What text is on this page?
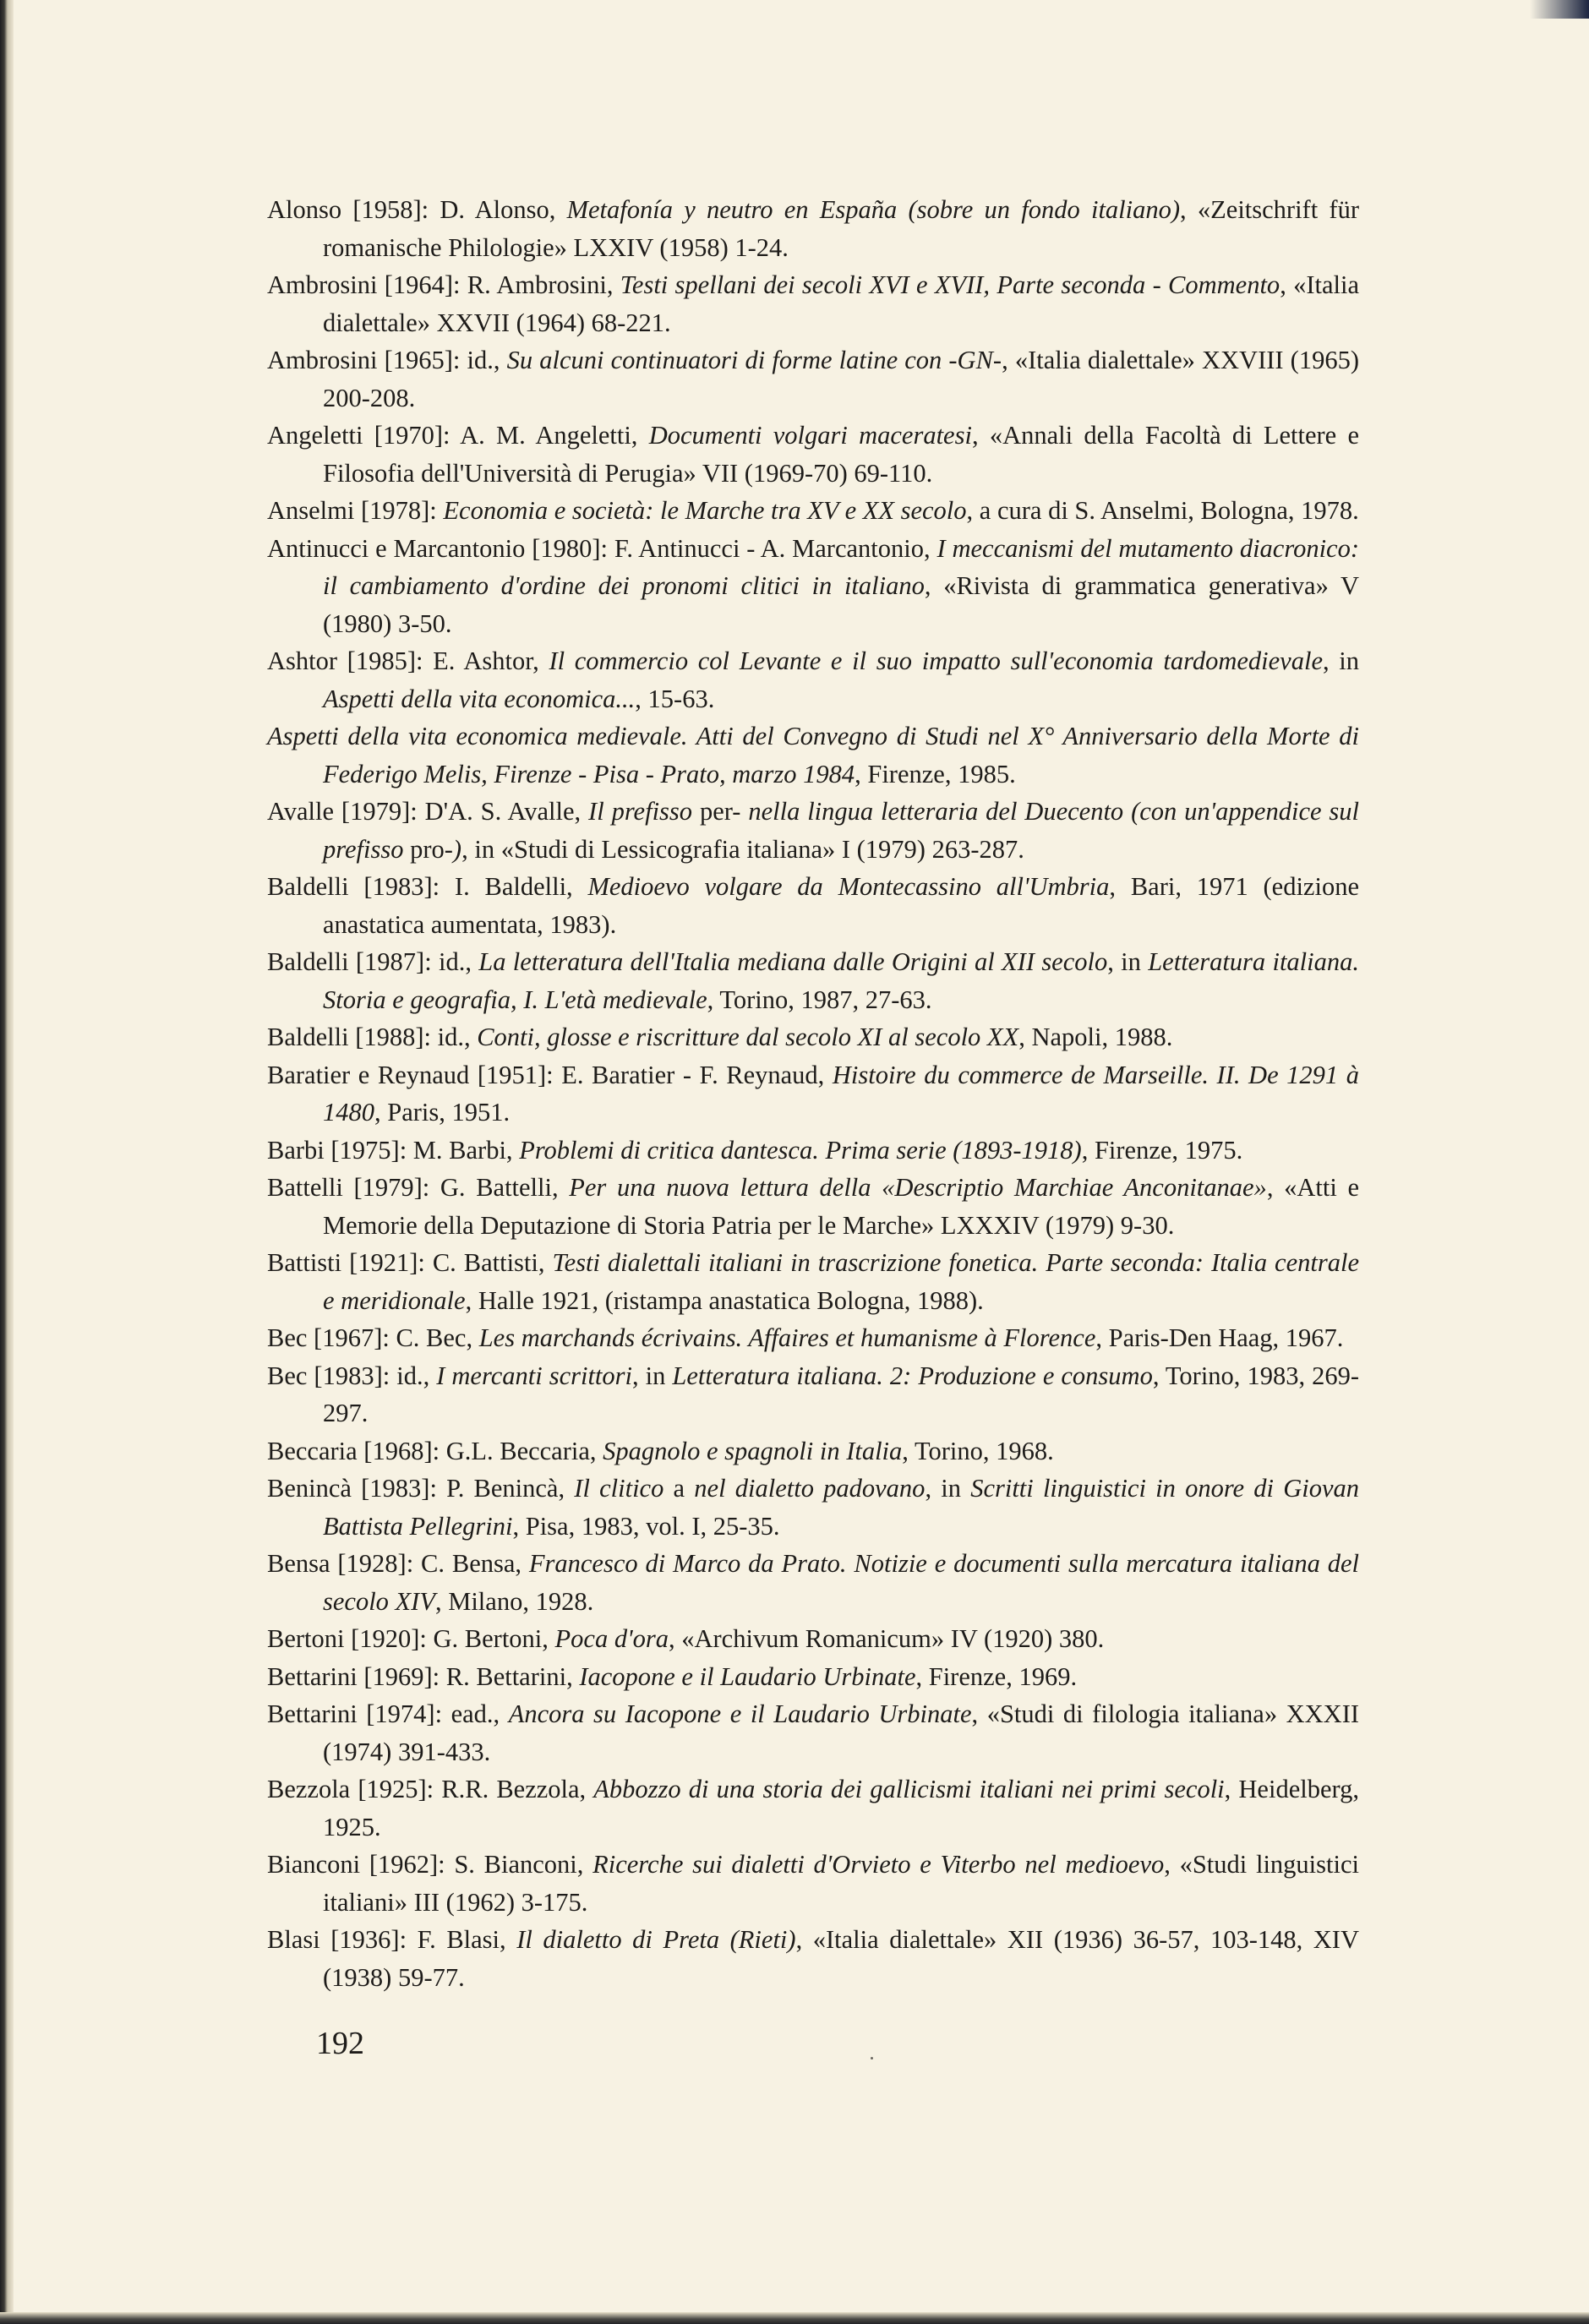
Alonso [1958]: D. Alonso, Metafonía y neutro en España (sobre un fondo italiano), «Zeitschrift für romanische Philologie» LXXIV (1958) 1-24.

Ambrosini [1964]: R. Ambrosini, Testi spellani dei secoli XVI e XVII, Parte seconda - Commento, «Italia dialettale» XXVII (1964) 68-221.

Ambrosini [1965]: id., Su alcuni continuatori di forme latine con -GN-, «Italia dialettale» XXVIII (1965) 200-208.

Angeletti [1970]: A. M. Angeletti, Documenti volgari maceratesi, «Annali della Facoltà di Lettere e Filosofia dell'Università di Perugia» VII (1969-70) 69-110.

Anselmi [1978]: Economia e società: le Marche tra XV e XX secolo, a cura di S. Anselmi, Bologna, 1978.

Antinucci e Marcantonio [1980]: F. Antinucci - A. Marcantonio, I meccanismi del mutamento diacronico: il cambiamento d'ordine dei pronomi clitici in italiano, «Rivista di grammatica generativa» V (1980) 3-50.

Ashtor [1985]: E. Ashtor, Il commercio col Levante e il suo impatto sull'economia tardomedievale, in Aspetti della vita economica..., 15-63.

Aspetti della vita economica medievale. Atti del Convegno di Studi nel X° Anniversario della Morte di Federigo Melis, Firenze - Pisa - Prato, marzo 1984, Firenze, 1985.

Avalle [1979]: D'A. S. Avalle, Il prefisso per- nella lingua letteraria del Duecento (con un'appendice sul prefisso pro-), in «Studi di Lessicografia italiana» I (1979) 263-287.

Baldelli [1983]: I. Baldelli, Medioevo volgare da Montecassino all'Umbria, Bari, 1971 (edizione anastatica aumentata, 1983).

Baldelli [1987]: id., La letteratura dell'Italia mediana dalle Origini al XII secolo, in Letteratura italiana. Storia e geografia, I. L'età medievale, Torino, 1987, 27-63.

Baldelli [1988]: id., Conti, glosse e riscritture dal secolo XI al secolo XX, Napoli, 1988.

Baratier e Reynaud [1951]: E. Baratier - F. Reynaud, Histoire du commerce de Marseille. II. De 1291 à 1480, Paris, 1951.

Barbi [1975]: M. Barbi, Problemi di critica dantesca. Prima serie (1893-1918), Firenze, 1975.

Battelli [1979]: G. Battelli, Per una nuova lettura della «Descriptio Marchiae Anconitanae», «Atti e Memorie della Deputazione di Storia Patria per le Marche» LXXXIV (1979) 9-30.

Battisti [1921]: C. Battisti, Testi dialettali italiani in trascrizione fonetica. Parte seconda: Italia centrale e meridionale, Halle 1921, (ristampa anastatica Bologna, 1988).

Bec [1967]: C. Bec, Les marchands écrivains. Affaires et humanisme à Florence, Paris-Den Haag, 1967.

Bec [1983]: id., I mercanti scrittori, in Letteratura italiana. 2: Produzione e consumo, Torino, 1983, 269-297.

Beccaria [1968]: G.L. Beccaria, Spagnolo e spagnoli in Italia, Torino, 1968.

Benincà [1983]: P. Benincà, Il clitico a nel dialetto padovano, in Scritti linguistici in onore di Giovan Battista Pellegrini, Pisa, 1983, vol. I, 25-35.

Bensa [1928]: C. Bensa, Francesco di Marco da Prato. Notizie e documenti sulla mercatura italiana del secolo XIV, Milano, 1928.

Bertoni [1920]: G. Bertoni, Poca d'ora, «Archivum Romanicum» IV (1920) 380.

Bettarini [1969]: R. Bettarini, Iacopone e il Laudario Urbinate, Firenze, 1969.

Bettarini [1974]: ead., Ancora su Iacopone e il Laudario Urbinate, «Studi di filologia italiana» XXXII (1974) 391-433.

Bezzola [1925]: R.R. Bezzola, Abbozzo di una storia dei gallicismi italiani nei primi secoli, Heidelberg, 1925.

Bianconi [1962]: S. Bianconi, Ricerche sui dialetti d'Orvieto e Viterbo nel medioevo, «Studi linguistici italiani» III (1962) 3-175.

Blasi [1936]: F. Blasi, Il dialetto di Preta (Rieti), «Italia dialettale» XII (1936) 36-57, 103-148, XIV (1938) 59-77.

192
